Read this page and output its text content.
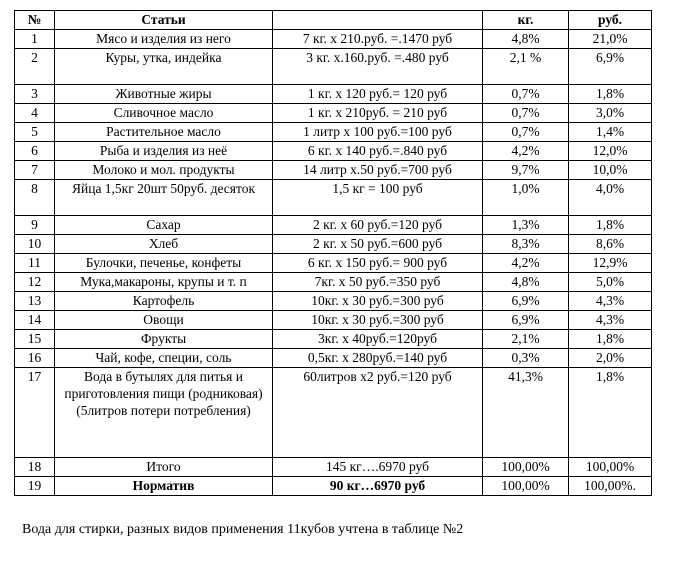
№	Статьи		кг.	руб.
1	Мясо и изделия из него	7 кг. х 210.руб. =.1470 руб	4,8%	21,0%
2	Куры, утка, индейка	3 кг. х.160.руб. =.480 руб	2,1 %	6,9%
3	Животные жиры	1 кг. х 120 руб.= 120 руб	0,7%	1,8%
4	Сливочное масло	1 кг. х 210руб. = 210 руб	0,7%	3,0%
5	Растительное масло	1 литр х 100 руб.=100 руб	0,7%	1,4%
6	Рыба и изделия из неё	6 кг. х 140 руб.=.840 руб	4,2%	12,0%
7	Молоко и мол. продукты	14 литр х.50 руб.=700 руб	9,7%	10,0%
8	Яйца 1,5кг 20шт 50руб. десяток	1,5 кг = 100 руб	1,0%	4,0%
9	Сахар	2 кг. х 60 руб.=120 руб	1,3%	1,8%
10	Хлеб	2 кг. х 50 руб.=600 руб	8,3%	8,6%
11	Булочки, печенье, конфеты	6 кг. х 150 руб.= 900 руб	4,2%	12,9%
12	Мука,макароны, крупы и т. п	7кг. х 50 руб.=350 руб	4,8%	5,0%
13	Картофель	10кг. х 30 руб.=300 руб	6,9%	4,3%
14	Овощи	10кг. х 30 руб.=300 руб	6,9%	4,3%
15	Фрукты	3кг. х 40руб.=120руб	2,1%	1,8%
16	Чай, кофе, специи, соль	0,5кг. х 280руб.=140 руб	0,3%	2,0%
17	Вода в бутылях для питья и приготовления пищи (родниковая) (5литров потери потребления)	60литров х2 руб.=120 руб	41,3%	1,8%
18	Итого	145 кг….6970 руб	100,00%	100,00%
19	Норматив	90 кг…6970 руб	100,00%	100,00%.
Вода для стирки, разных видов применения 11кубов учтена в таблице №2
